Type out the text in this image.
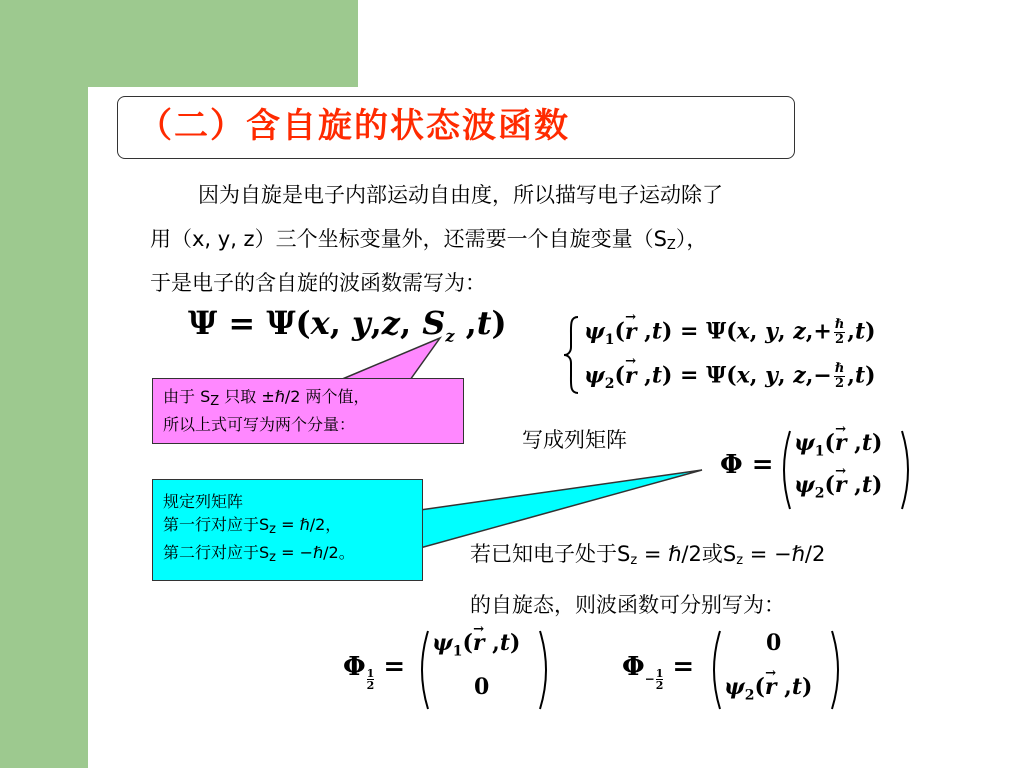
（二）含自旋的状态波函数
因为自旋是电子内部运动自由度，所以描写电子运动除了
用（x, y, z）三个坐标变量外，还需要一个自旋变量$(S_Z)$，
于是电子的含自旋的波函数需写为：
由于 $S_Z$ 只取 ±ℏ/2 两个值，
所以上式可写为两个分量：
规定列矩阵
第一行对应于$S_z$ = ℏ/2，
第二行对应于$S_z$ = −ℏ/2。
写成列矩阵
若已知电子处于$S_z$ = ℏ/2或$S_z$ = −ℏ/2
的自旋态，则波函数可分别写为：
Ψ = Ψ(x, y,z, $S_z$ ,t)	$\psi_1(\to r$ ,t) = Ψ(x, y, $z,+ \frac{\text{ℏ}}{2} ,t$)
$\psi_2(\to r$ ,t) = Ψ(x, y, $z,- \frac{\text{ℏ}}{2} ,t$)
Φ =
$\psi_1(\to r$ ,t)
$\psi_2(\to r$ ,t)
Φ $\frac{1}{2}$ =
$\psi_1(\to r$ ,t)
0
$\Phi_- \frac{1}{2}$ =
0
$\psi_2(\to r$ ,t)
